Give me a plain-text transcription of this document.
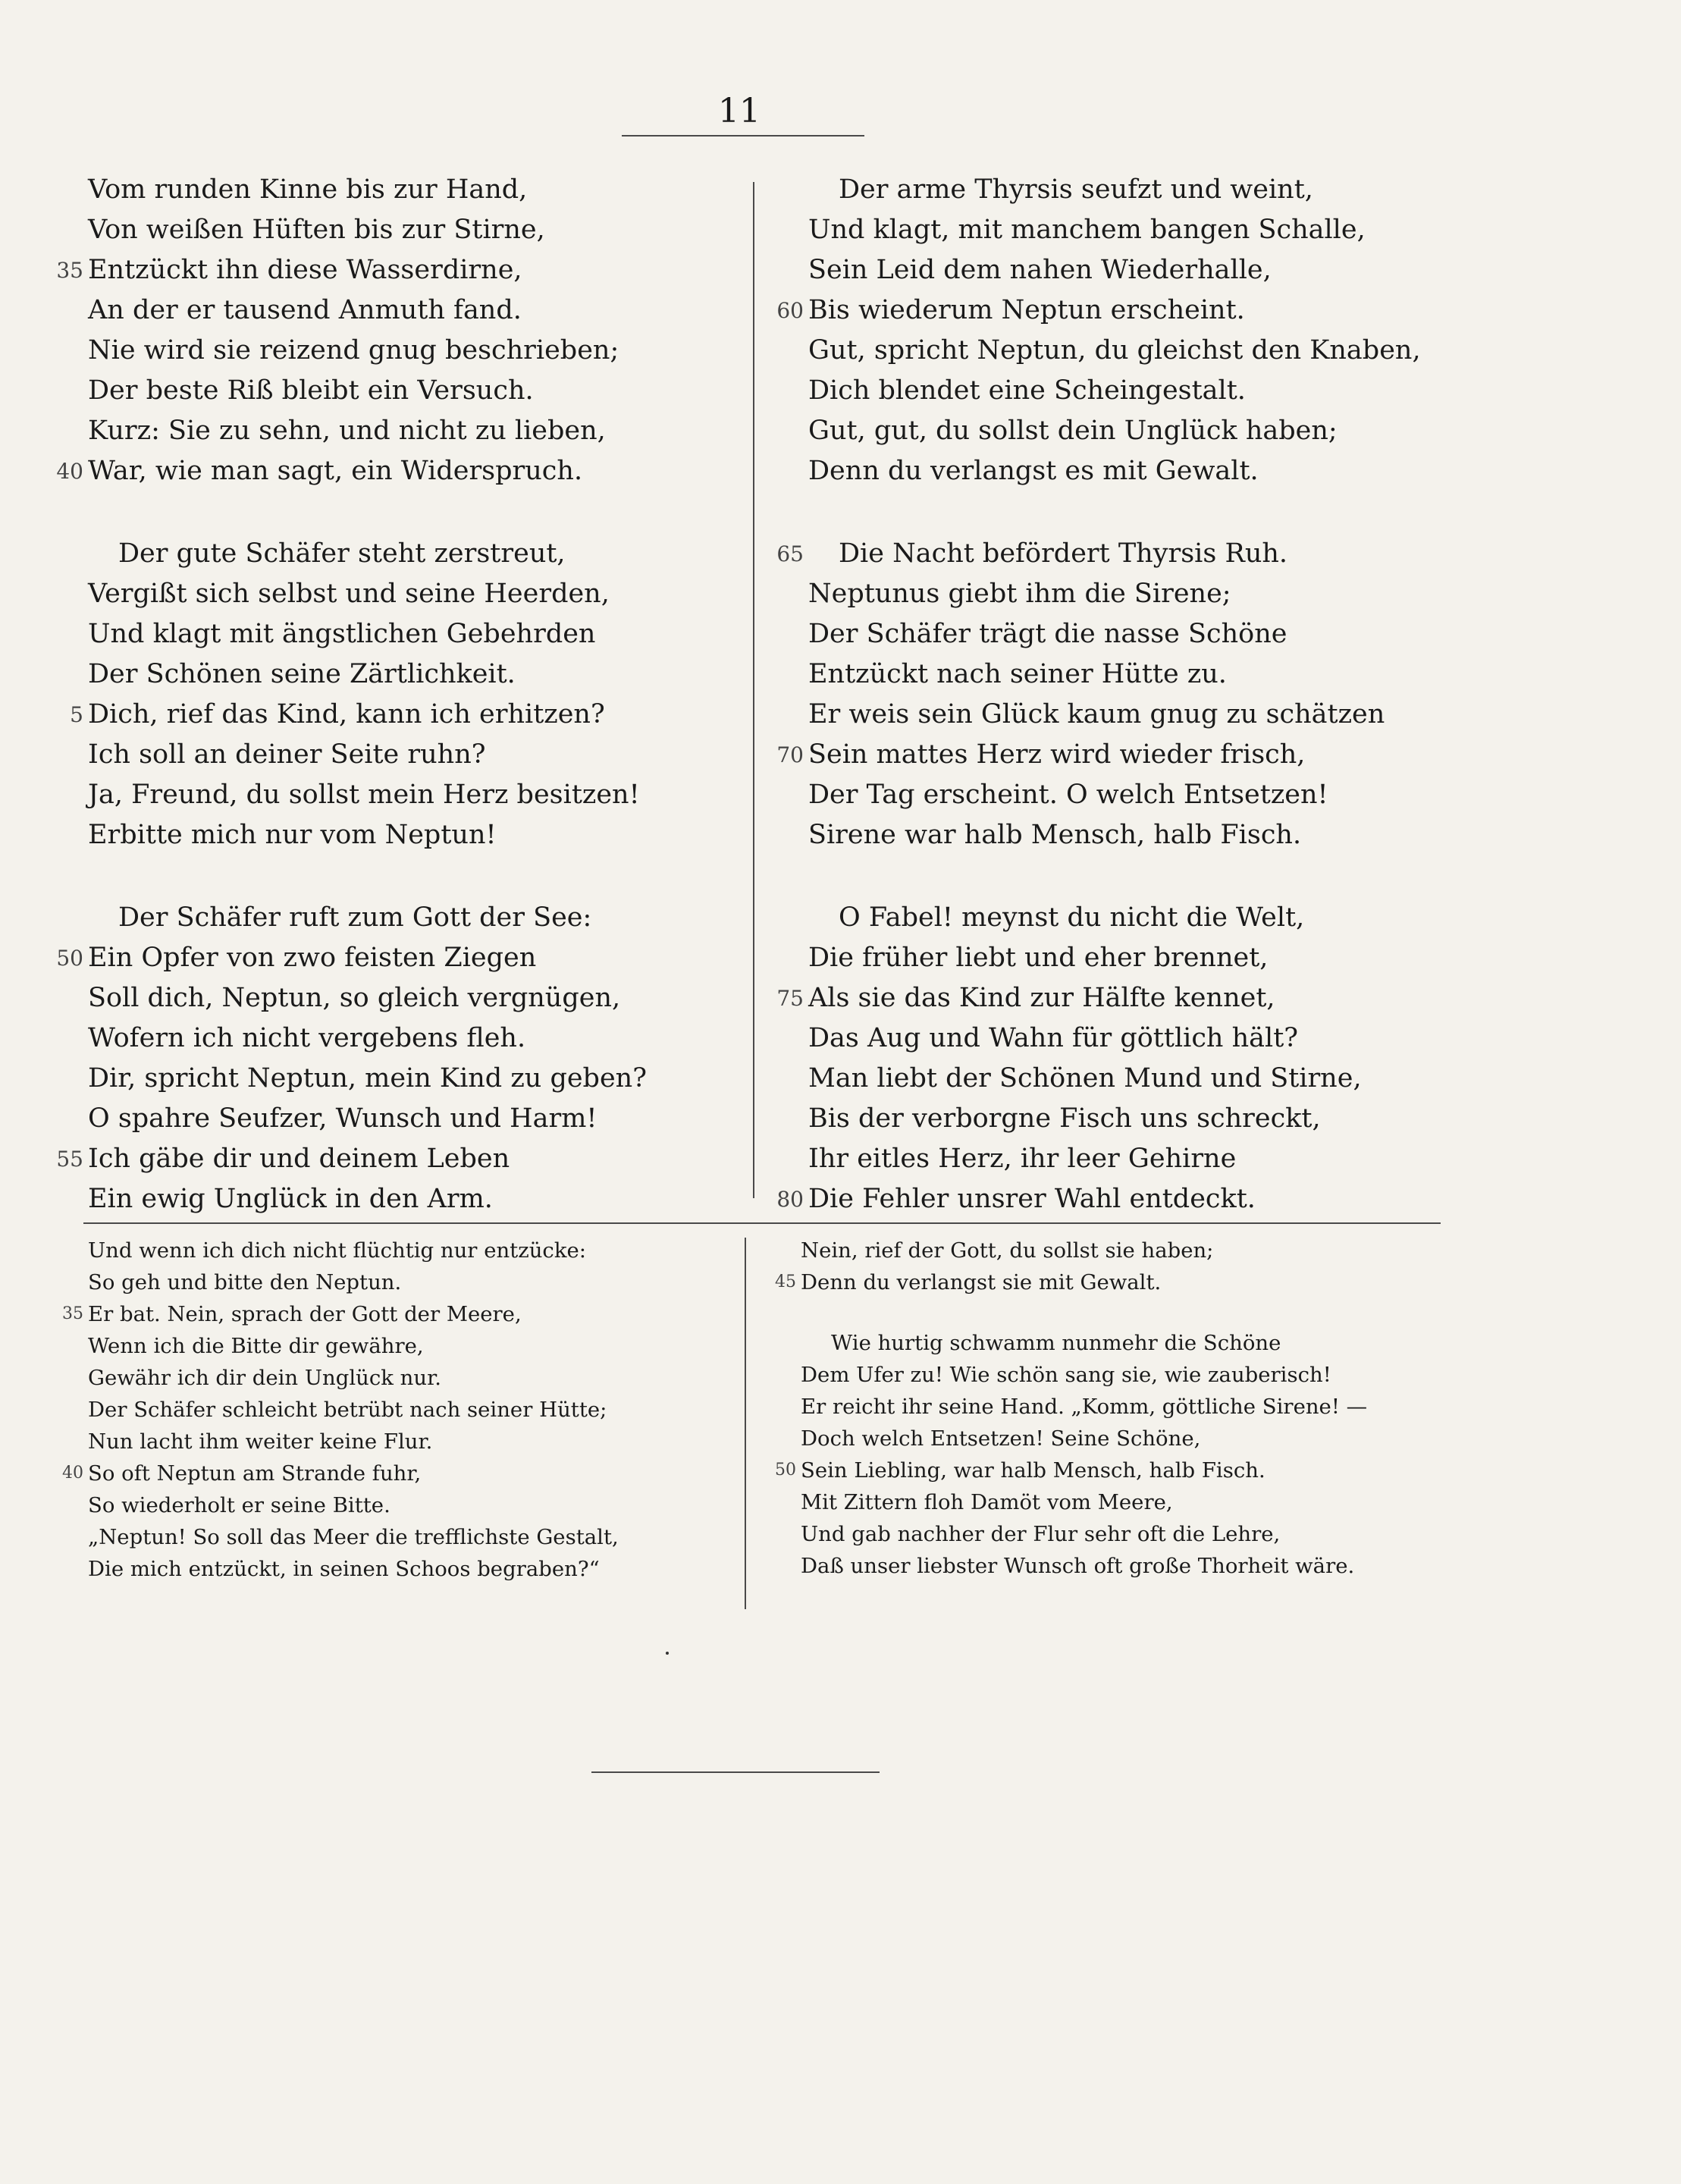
11
Vom runden Kinne bis zur Hand,
Von weißen Hüften bis zur Stirne,
35 Entzückt ihn diese Wasserdirne,
An der er tausend Anmuth fand.
Nie wird sie reizend gnug beschrieben;
Der beste Riß bleibt ein Versuch.
Kurz: Sie zu sehn, und nicht zu lieben,
40 War, wie man sagt, ein Widerspruch.
Der gute Schäfer steht zerstreut,
Vergißt sich selbst und seine Heerden,
Und klagt mit ängstlichen Gebehrden
Der Schönen seine Zärtlichkeit.
5 Dich, rief das Kind, kann ich erhitzen?
Ich soll an deiner Seite ruhn?
Ja, Freund, du sollst mein Herz besitzen!
Erbitte mich nur vom Neptun!
Der Schäfer ruft zum Gott der See:
50 Ein Opfer von zwo feisten Ziegen
Soll dich, Neptun, so gleich vergnügen,
Wofern ich nicht vergebens fleh.
Dir, spricht Neptun, mein Kind zu geben?
O spahre Seufzer, Wunsch und Harm!
55 Ich gäbe dir und deinem Leben
Ein ewig Unglück in den Arm.
Der arme Thyrsis seufzt und weint,
Und klagt, mit manchem bangen Schalle,
Sein Leid dem nahen Wiederhalle,
60 Bis wiederum Neptun erscheint.
Gut, spricht Neptun, du gleichst den Knaben,
Dich blendet eine Scheingestalt.
Gut, gut, du sollst dein Unglück haben;
Denn du verlangst es mit Gewalt.
65 Die Nacht befördert Thyrsis Ruh.
Neptunus giebt ihm die Sirene;
Der Schäfer trägt die nasse Schöne
Entzückt nach seiner Hütte zu.
Er weis sein Glück kaum gnug zu schätzen
70 Sein mattes Herz wird wieder frisch,
Der Tag erscheint. O welch Entsetzen!
Sirene war halb Mensch, halb Fisch.
O Fabel! meynst du nicht die Welt,
Die früher liebt und eher brennet,
75 Als sie das Kind zur Hälfte kennet,
Das Aug und Wahn für göttlich hält?
Man liebt der Schönen Mund und Stirne,
Bis der verborgne Fisch uns schreckt,
Ihr eitles Herz, ihr leer Gehirne
80 Die Fehler unsrer Wahl entdeckt.
Und wenn ich dich nicht flüchtig nur entzücke:
So geh und bitte den Neptun.
35 Er bat. Nein, sprach der Gott der Meere,
Wenn ich die Bitte dir gewähre,
Gewähr ich dir dein Unglück nur.
Der Schäfer schleicht betrübt nach seiner Hütte;
Nun lacht ihm weiter keine Flur.
40 So oft Neptun am Strande fuhr,
So wiederholt er seine Bitte.
„Neptun! So soll das Meer die trefflichste Gestalt,
Die mich entzückt, in seinen Schoos begraben?“
Nein, rief der Gott, du sollst sie haben;
45 Denn du verlangst sie mit Gewalt.
Wie hurtig schwamm nunmehr die Schöne
Dem Ufer zu! Wie schön sang sie, wie zauberisch!
Er reicht ihr seine Hand. „Komm, göttliche Sirene! —
Doch welch Entsetzen! Seine Schöne,
50 Sein Liebling, war halb Mensch, halb Fisch.
Mit Zittern floh Damöt vom Meere,
Und gab nachher der Flur sehr oft die Lehre,
Daß unser liebster Wunsch oft große Thorheit wäre.
